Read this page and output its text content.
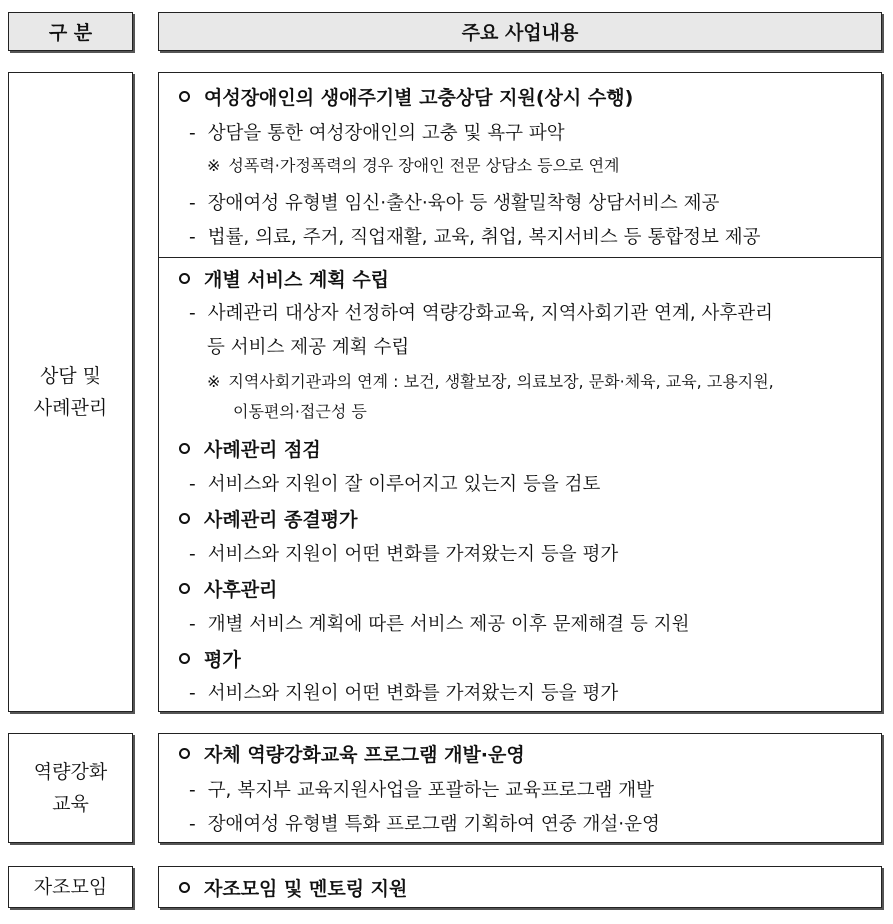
구 분	주요 사업내용
상담 및
사례관리
여성장애인의 생애주기별 고충상담 지원(상시 수행)
- 상담을 통한 여성장애인의 고충 및 욕구 파악
※ 성폭력·가정폭력의 경우 장애인 전문 상담소 등으로 연계
- 장애여성 유형별 임신·출산·육아 등 생활밀착형 상담서비스 제공
- 법률, 의료, 주거, 직업재활, 교육, 취업, 복지서비스 등 통합정보 제공
개별 서비스 계획 수립
- 사례관리 대상자 선정하여 역량강화교육, 지역사회기관 연계, 사후관리
등 서비스 제공 계획 수립
※ 지역사회기관과의 연계 : 보건, 생활보장, 의료보장, 문화·체육, 교육, 고용지원,
이동편의·접근성 등
사례관리 점검
- 서비스와 지원이 잘 이루어지고 있는지 등을 검토
사례관리 종결평가
- 서비스와 지원이 어떤 변화를 가져왔는지 등을 평가
사후관리
- 개별 서비스 계획에 따른 서비스 제공 이후 문제해결 등 지원
평가
- 서비스와 지원이 어떤 변화를 가져왔는지 등을 평가
역량강화
교육
자체 역량강화교육 프로그램 개발·운영
- 구, 복지부 교육지원사업을 포괄하는 교육프로그램 개발
- 장애여성 유형별 특화 프로그램 기획하여 연중 개설·운영
자조모임	자조모임 및 멘토링 지원
